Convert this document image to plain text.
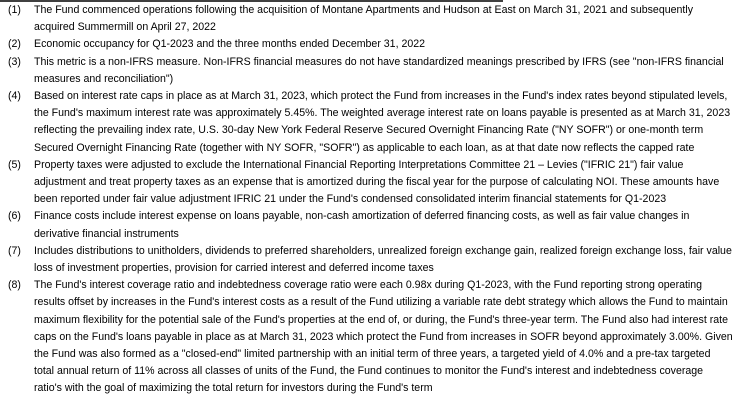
(1)	The Fund commenced operations following the acquisition of Montane Apartments and Hudson at East on March 31, 2021 and subsequently acquired Summermill on April 27, 2022
(2)	Economic occupancy for Q1-2023 and the three months ended December 31, 2022
(3)	This metric is a non-IFRS measure. Non-IFRS financial measures do not have standardized meanings prescribed by IFRS (see "non-IFRS financial measures and reconciliation")
(4)	Based on interest rate caps in place as at March 31, 2023, which protect the Fund from increases in the Fund's index rates beyond stipulated levels, the Fund's maximum interest rate was approximately 5.45%. The weighted average interest rate on loans payable is presented as at March 31, 2023 reflecting the prevailing index rate, U.S. 30-day New York Federal Reserve Secured Overnight Financing Rate ("NY SOFR") or one-month term Secured Overnight Financing Rate (together with NY SOFR, "SOFR") as applicable to each loan, as at that date now reflects the capped rate
(5)	Property taxes were adjusted to exclude the International Financial Reporting Interpretations Committee 21 – Levies ("IFRIC 21") fair value adjustment and treat property taxes as an expense that is amortized during the fiscal year for the purpose of calculating NOI. These amounts have been reported under fair value adjustment IFRIC 21 under the Fund's condensed consolidated interim financial statements for Q1-2023
(6)	Finance costs include interest expense on loans payable, non-cash amortization of deferred financing costs, as well as fair value changes in derivative financial instruments
(7)	Includes distributions to unitholders, dividends to preferred shareholders, unrealized foreign exchange gain, realized foreign exchange loss, fair value loss of investment properties, provision for carried interest and deferred income taxes
(8)	The Fund's interest coverage ratio and indebtedness coverage ratio were each 0.98x during Q1-2023, with the Fund reporting strong operating results offset by increases in the Fund's interest costs as a result of the Fund utilizing a variable rate debt strategy which allows the Fund to maintain maximum flexibility for the potential sale of the Fund's properties at the end of, or during, the Fund's three-year term. The Fund also had interest rate caps on the Fund's loans payable in place as at March 31, 2023 which protect the Fund from increases in SOFR beyond approximately 3.00%. Given the Fund was also formed as a "closed-end" limited partnership with an initial term of three years, a targeted yield of 4.0% and a pre-tax targeted total annual return of 11% across all classes of units of the Fund, the Fund continues to monitor the Fund's interest and indebtedness coverage ratio's with the goal of maximizing the total return for investors during the Fund's term
